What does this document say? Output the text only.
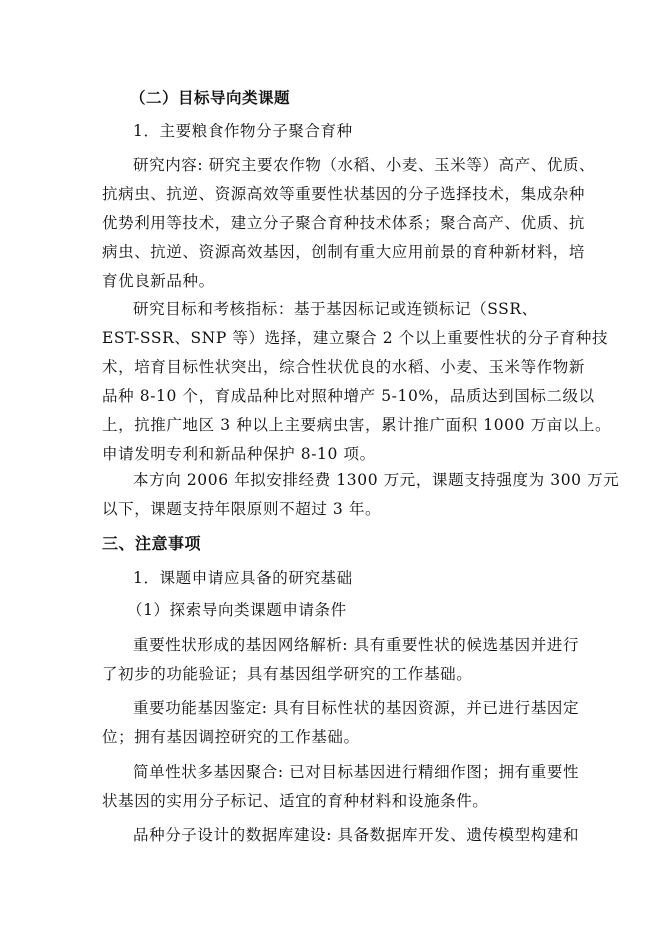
（二）目标导向类课题
1．主要粮食作物分子聚合育种
研究内容: 研究主要农作物（水稻、小麦、玉米等）高产、优质、
抗病虫、抗逆、资源高效等重要性状基因的分子选择技术，集成杂种
优势利用等技术，建立分子聚合育种技术体系；聚合高产、优质、抗
病虫、抗逆、资源高效基因，创制有重大应用前景的育种新材料，培
育优良新品种。
研究目标和考核指标：基于基因标记或连锁标记（SSR、
EST-SSR、SNP 等）选择，建立聚合 2 个以上重要性状的分子育种技
术，培育目标性状突出，综合性状优良的水稻、小麦、玉米等作物新
品种 8-10 个，育成品种比对照种增产 5-10%，品质达到国标二级以
上，抗推广地区 3 种以上主要病虫害，累计推广面积 1000 万亩以上。
申请发明专利和新品种保护 8-10 项。
本方向 2006 年拟安排经费 1300 万元，课题支持强度为 300 万元
以下，课题支持年限原则不超过 3 年。
三、注意事项
1．课题申请应具备的研究基础
（1）探索导向类课题申请条件
重要性状形成的基因网络解析: 具有重要性状的候选基因并进行
了初步的功能验证；具有基因组学研究的工作基础。
重要功能基因鉴定: 具有目标性状的基因资源，并已进行基因定
位；拥有基因调控研究的工作基础。
简单性状多基因聚合: 已对目标基因进行精细作图；拥有重要性
状基因的实用分子标记、适宜的育种材料和设施条件。
品种分子设计的数据库建设: 具备数据库开发、遗传模型构建和
